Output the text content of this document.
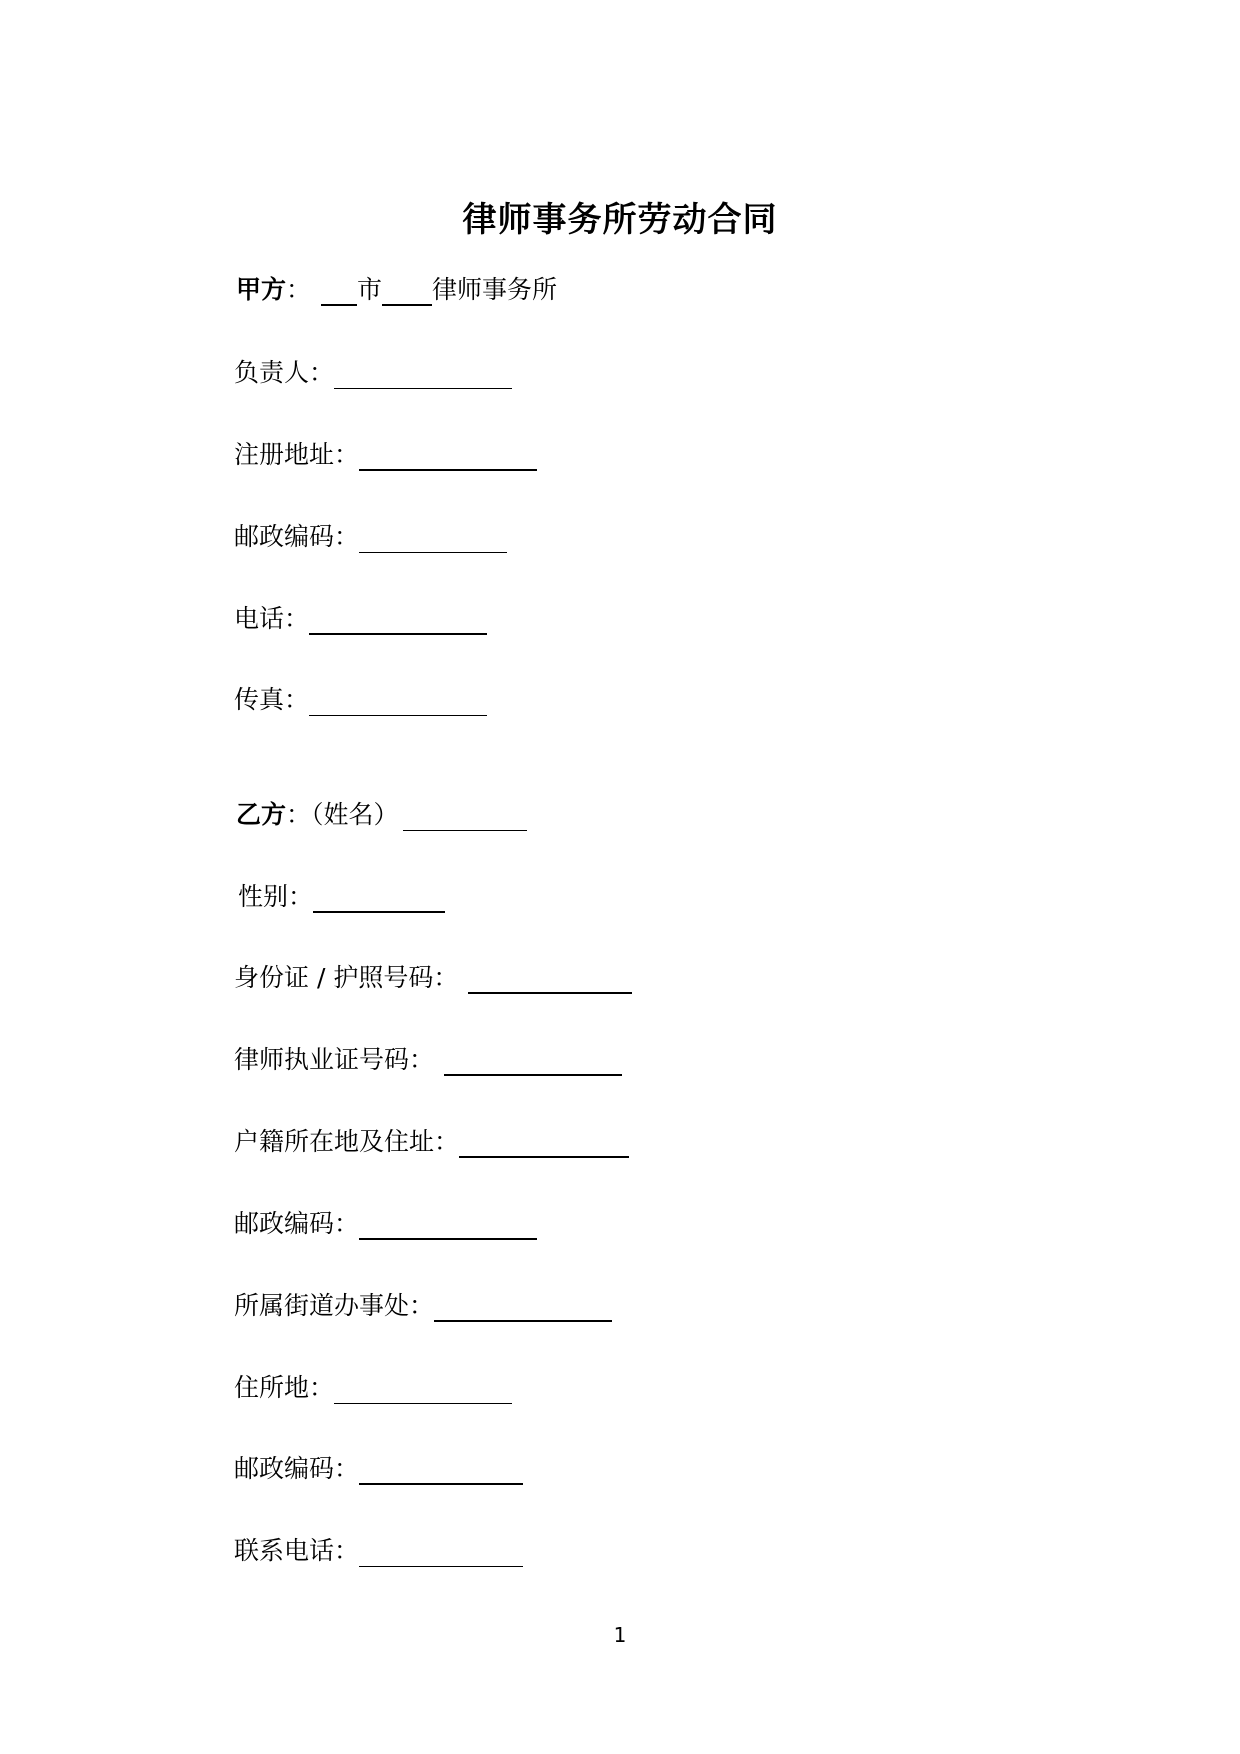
律师事务所劳动合同
甲方 ： 市 律师事务所
负责人：
注册地址：
邮政编码：
电话：
传真：
乙方 ：（姓名）
性别：
身份证 / 护照号码：
律师执业证号码：
户籍所在地及住址：
邮政编码：
所属街道办事处：
住所地：
邮政编码：
联系电话：
1
